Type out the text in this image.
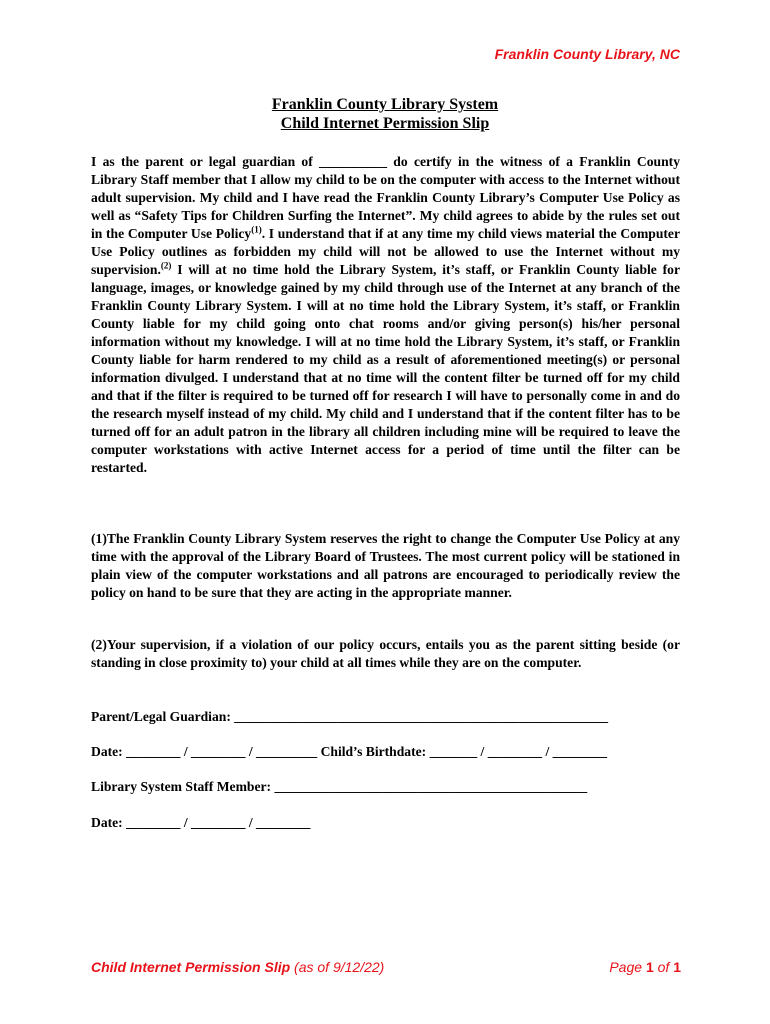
Franklin County Library, NC
Franklin County Library System
Child Internet Permission Slip

I as the parent or legal guardian of __________ do certify in the witness of a Franklin County Library Staff member that I allow my child to be on the computer with access to the Internet without adult supervision. My child and I have read the Franklin County Library’s Computer Use Policy as well as “Safety Tips for Children Surfing the Internet”. My child agrees to abide by the rules set out in the Computer Use Policy$^{(1)}$. I understand that if at any time my child views material the Computer Use Policy outlines as forbidden my child will not be allowed to use the Internet without my supervision.$^{(2)}$ I will at no time hold the Library System, it’s staff, or Franklin County liable for language, images, or knowledge gained by my child through use of the Internet at any branch of the Franklin County Library System. I will at no time hold the Library System, it’s staff, or Franklin County liable for my child going onto chat rooms and/or giving person(s) his/her personal information without my knowledge. I will at no time hold the Library System, it’s staff, or Franklin County liable for harm rendered to my child as a result of aforementioned meeting(s) or personal information divulged. I understand that at no time will the content filter be turned off for my child and that if the filter is required to be turned off for research I will have to personally come in and do the research myself instead of my child. My child and I understand that if the content filter has to be turned off for an adult patron in the library all children including mine will be required to leave the computer workstations with active Internet access for a period of time until the filter can be restarted.

(1)The Franklin County Library System reserves the right to change the Computer Use Policy at any time with the approval of the Library Board of Trustees. The most current policy will be stationed in plain view of the computer workstations and all patrons are encouraged to periodically review the policy on hand to be sure that they are acting in the appropriate manner.

(2)Your supervision, if a violation of our policy occurs, entails you as the parent sitting beside (or standing in close proximity to) your child at all times while they are on the computer.

Parent/Legal Guardian: _______________________________________________________
Date: ________ / ________ / _________ Child’s Birthdate: _______ / ________ / ________
Library System Staff Member: ______________________________________________
Date: ________ / ________ / ________
Child Internet Permission Slip (as of 9/12/22)	Page 1 of 1
